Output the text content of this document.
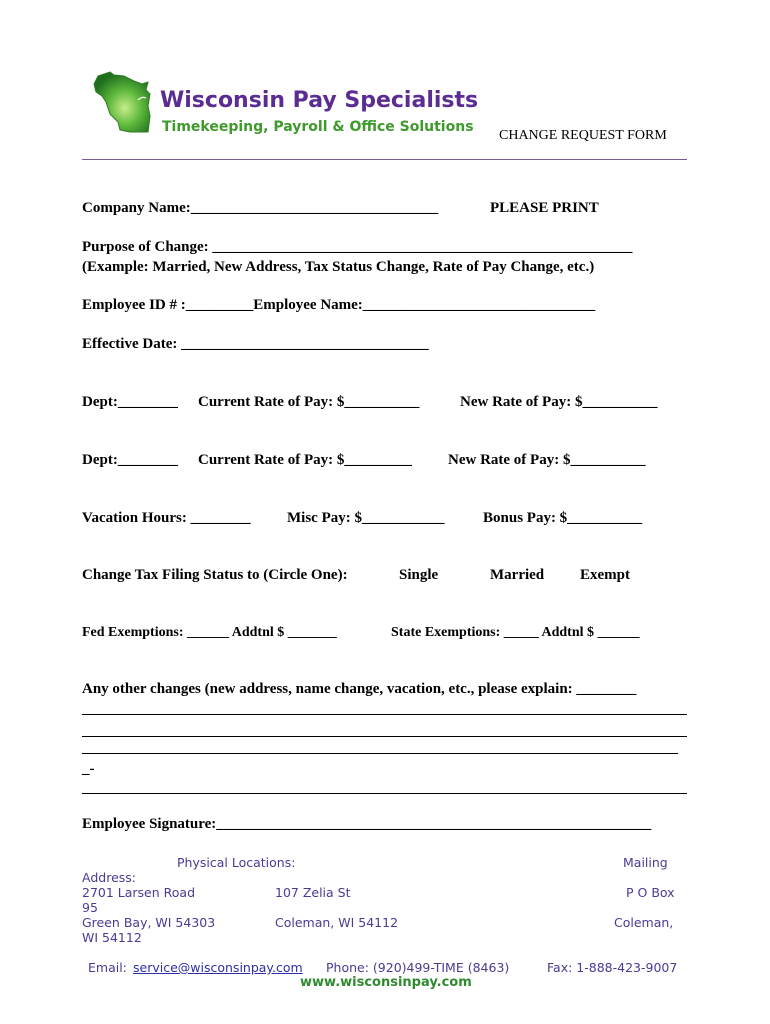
Wisconsin Pay Specialists
Timekeeping, Payroll & Office Solutions
CHANGE REQUEST FORM
Company Name:_________________________________	PLEASE PRINT
Purpose of Change: ________________________________________________________
(Example: Married, New Address, Tax Status Change, Rate of Pay Change, etc.)
Employee ID # :_________Employee Name:_______________________________
Effective Date: _________________________________
Dept:________ Current Rate of Pay: $__________	New Rate of Pay: $__________
Dept:________ Current Rate of Pay: $_________ New Rate of Pay: $__________
Vacation Hours: ________ Misc Pay: $___________	Bonus Pay: $__________
Change Tax Filing Status to (Circle One):	Single	Married Exempt
Fed Exemptions: ______ Addtnl $ _______	State Exemptions: _____ Addtnl $ ______
Any other changes (new address, name change, vacation, etc., please explain: ________
_-
Employee Signature:__________________________________________________________
Physical Locations:	Mailing
Address:
2701 Larsen Road	107 Zelia St	P O Box
95
Green Bay, WI 54303	Coleman, WI 54112	Coleman,
WI 54112
Email: service@wisconsinpay.com Phone: (920)499-TIME (8463)	Fax: 1-888-423-9007
www.wisconsinpay.com
